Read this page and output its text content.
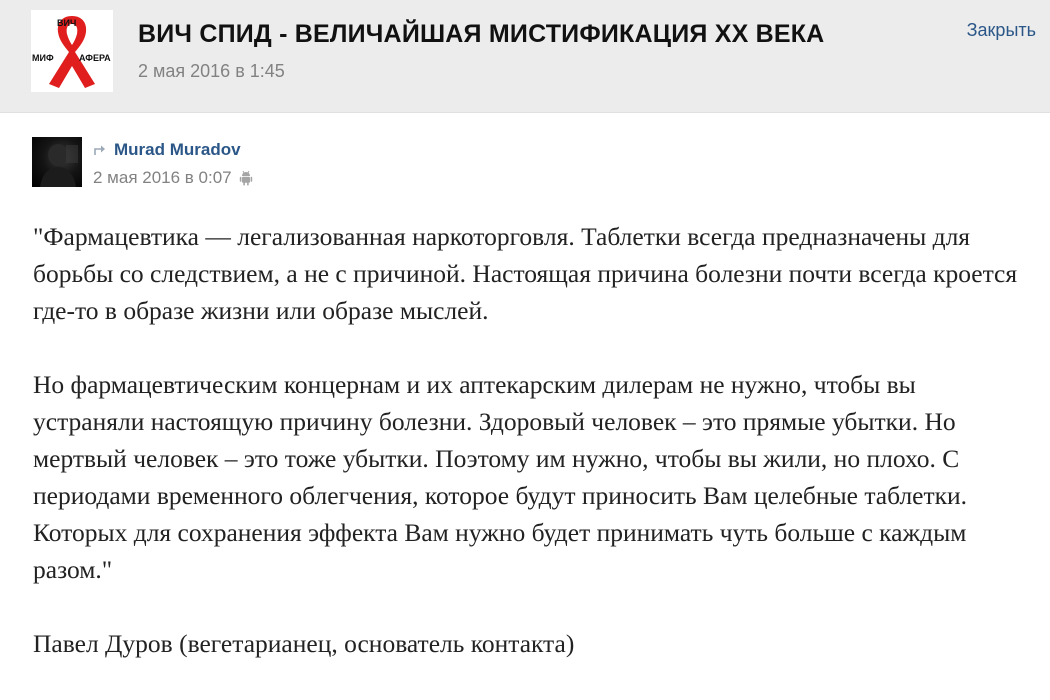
ВИЧ
МИФ	АФЕРА
ВИЧ СПИД - ВЕЛИЧАЙШАЯ МИСТИФИКАЦИЯ XX ВЕКА
2 мая 2016 в 1:45
Закрыть
Murad Muradov
2 мая 2016 в 0:07

"Фармацевтика — легализованная наркоторговля. Таблетки всегда предназначены для борьбы со следствием, а не с причиной. Настоящая причина болезни почти всегда кроется где-то в образе жизни или образе мыслей.

Но фармацевтическим концернам и их аптекарским дилерам не нужно, чтобы вы устраняли настоящую причину болезни. Здоровый человек – это прямые убытки. Но мертвый человек – это тоже убытки. Поэтому им нужно, чтобы вы жили, но плохо. С периодами временного облегчения, которое будут приносить Вам целебные таблетки. Которых для сохранения эффекта Вам нужно будет принимать чуть больше с каждым разом."

Павел Дуров (вегетарианец, основатель контакта)
